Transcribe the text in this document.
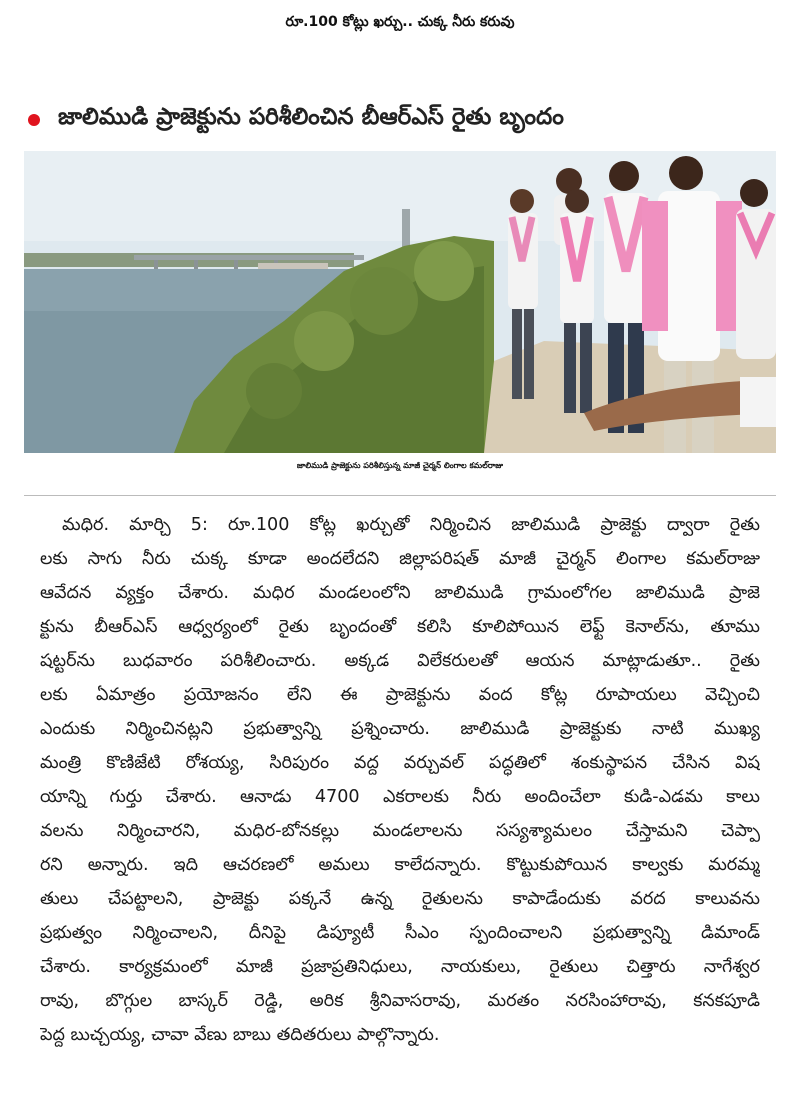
రూ.100 కోట్లు ఖర్చు.. చుక్క నీరు కరువు
జాలిముడి ప్రాజెక్టును పరిశీలించిన బీఆర్ఎస్ రైతు బృందం
జాలిముడి ప్రాజెక్టును పరిశీలిస్తున్న మాజీ చైర్మన్ లింగాల కమల్‌రాజు
మధిర. మార్చి 5: రూ.100 కోట్ల ఖర్చుతో నిర్మించిన జాలిముడి ప్రాజెక్టు ద్వారా రైతు
లకు సాగు నీరు చుక్క కూడా అందలేదని జిల్లాపరిషత్ మాజీ చైర్మన్ లింగాల కమల్‌రాజు
ఆవేదన వ్యక్తం చేశారు. మధిర మండలంలోని జాలిముడి గ్రామంలోగల జాలిముడి ప్రాజె
క్టును బీఆర్ఎస్ ఆధ్వర్యంలో రైతు బృందంతో కలిసి కూలిపోయిన లెఫ్ట్ కెనాల్‌ను, తూము
షట్టర్‌ను బుధవారం పరిశీలించారు. అక్కడ విలేకరులతో ఆయన మాట్లాడుతూ.. రైతు
లకు ఏమాత్రం ప్రయోజనం లేని ఈ ప్రాజెక్టును వంద కోట్ల రూపాయలు వెచ్చించి
ఎందుకు నిర్మించినట్లని ప్రభుత్వాన్ని ప్రశ్నించారు. జాలిముడి ప్రాజెక్టుకు నాటి ముఖ్య
మంత్రి కొణిజేటి రోశయ్య, సిరిపురం వద్ద వర్చువల్ పద్ధతిలో శంకుస్థాపన చేసిన విష
యాన్ని గుర్తు చేశారు. ఆనాడు 4700 ఎకరాలకు నీరు అందించేలా కుడి-ఎడమ కాలు
వలను నిర్మించారని, మధిర-బోనకల్లు మండలాలను సస్యశ్యామలం చేస్తామని చెప్పా
రని అన్నారు. ఇది ఆచరణలో అమలు కాలేదన్నారు. కొట్టుకుపోయిన కాల్వకు మరమ్మ
తులు చేపట్టాలని, ప్రాజెక్టు పక్కనే ఉన్న రైతులను కాపాడేందుకు వరద కాలువను
ప్రభుత్వం నిర్మించాలని, దీనిపై డిప్యూటీ సీఎం స్పందించాలని ప్రభుత్వాన్ని డిమాండ్
చేశారు. కార్యక్రమంలో మాజీ ప్రజాప్రతినిధులు, నాయకులు, రైతులు చిత్తారు నాగేశ్వర
రావు, బొగ్గుల బాస్కర్ రెడ్డి, అరిక శ్రీనివాసరావు, మరతం నరసింహారావు, కనకపూడి
పెద్ద బుచ్చయ్య, చావా వేణు బాబు తదితరులు పాల్గొన్నారు.
